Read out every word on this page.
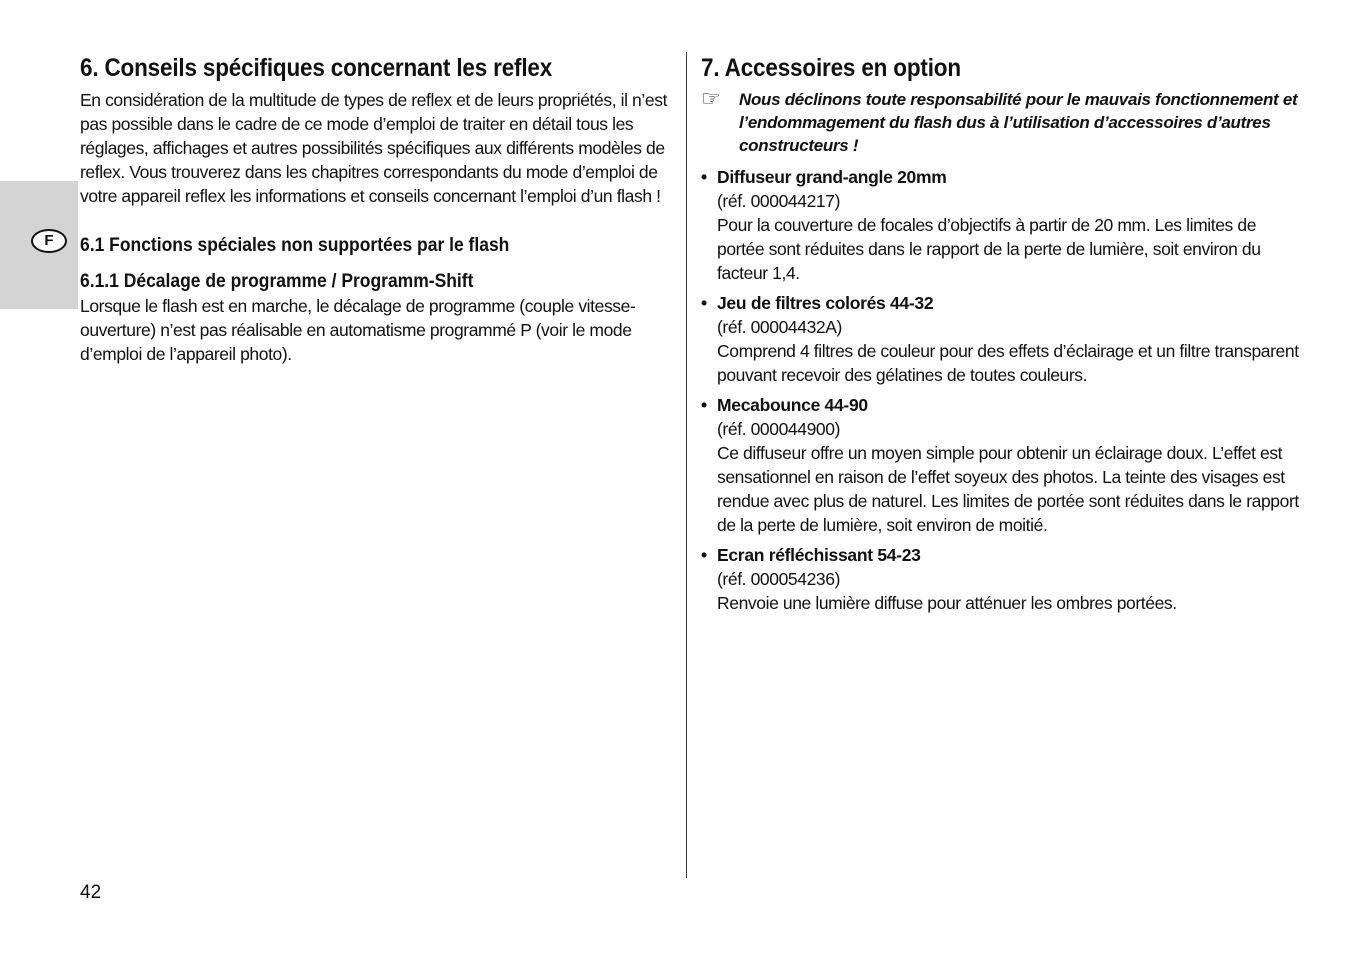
F
6. Conseils spécifiques concernant les reflex

En considération de la multitude de types de reflex et de leurs propriétés, il n’est pas possible dans le cadre de ce mode d’emploi de traiter en détail tous les réglages, affichages et autres possibilités spécifiques aux différents modèles de reflex. Vous trouverez dans les chapitres correspondants du mode d’emploi de votre appareil reflex les informations et conseils concernant l’emploi d’un flash !

6.1 Fonctions spéciales non supportées par le flash
6.1.1 Décalage de programme / Programm-Shift

Lorsque le flash est en marche, le décalage de programme (couple vitesse-ouverture) n’est pas réalisable en automatisme programmé P (voir le mode d’emploi de l’appareil photo).

7. Accessoires en option
☞	Nous déclinons toute responsabilité pour le mauvais fonctionnement et l’endommagement du flash dus à l’utilisation d’accessoires d’autres constructeurs !
• Diffuseur grand-angle 20mm
(réf. 000044217)
Pour la couverture de focales d’objectifs à partir de 20 mm. Les limites de portée sont réduites dans le rapport de la perte de lumière, soit environ du facteur 1,4.
• Jeu de filtres colorés 44-32
(réf. 00004432A)
Comprend 4 filtres de couleur pour des effets d’éclairage et un filtre transparent pouvant recevoir des gélatines de toutes couleurs.
• Mecabounce 44-90
(réf. 000044900)
Ce diffuseur offre un moyen simple pour obtenir un éclairage doux. L’effet est sensationnel en raison de l’effet soyeux des photos. La teinte des visages est rendue avec plus de naturel. Les limites de portée sont réduites dans le rapport de la perte de lumière, soit environ de moitié.
• Ecran réfléchissant 54-23
(réf. 000054236)
Renvoie une lumière diffuse pour atténuer les ombres portées.
42
